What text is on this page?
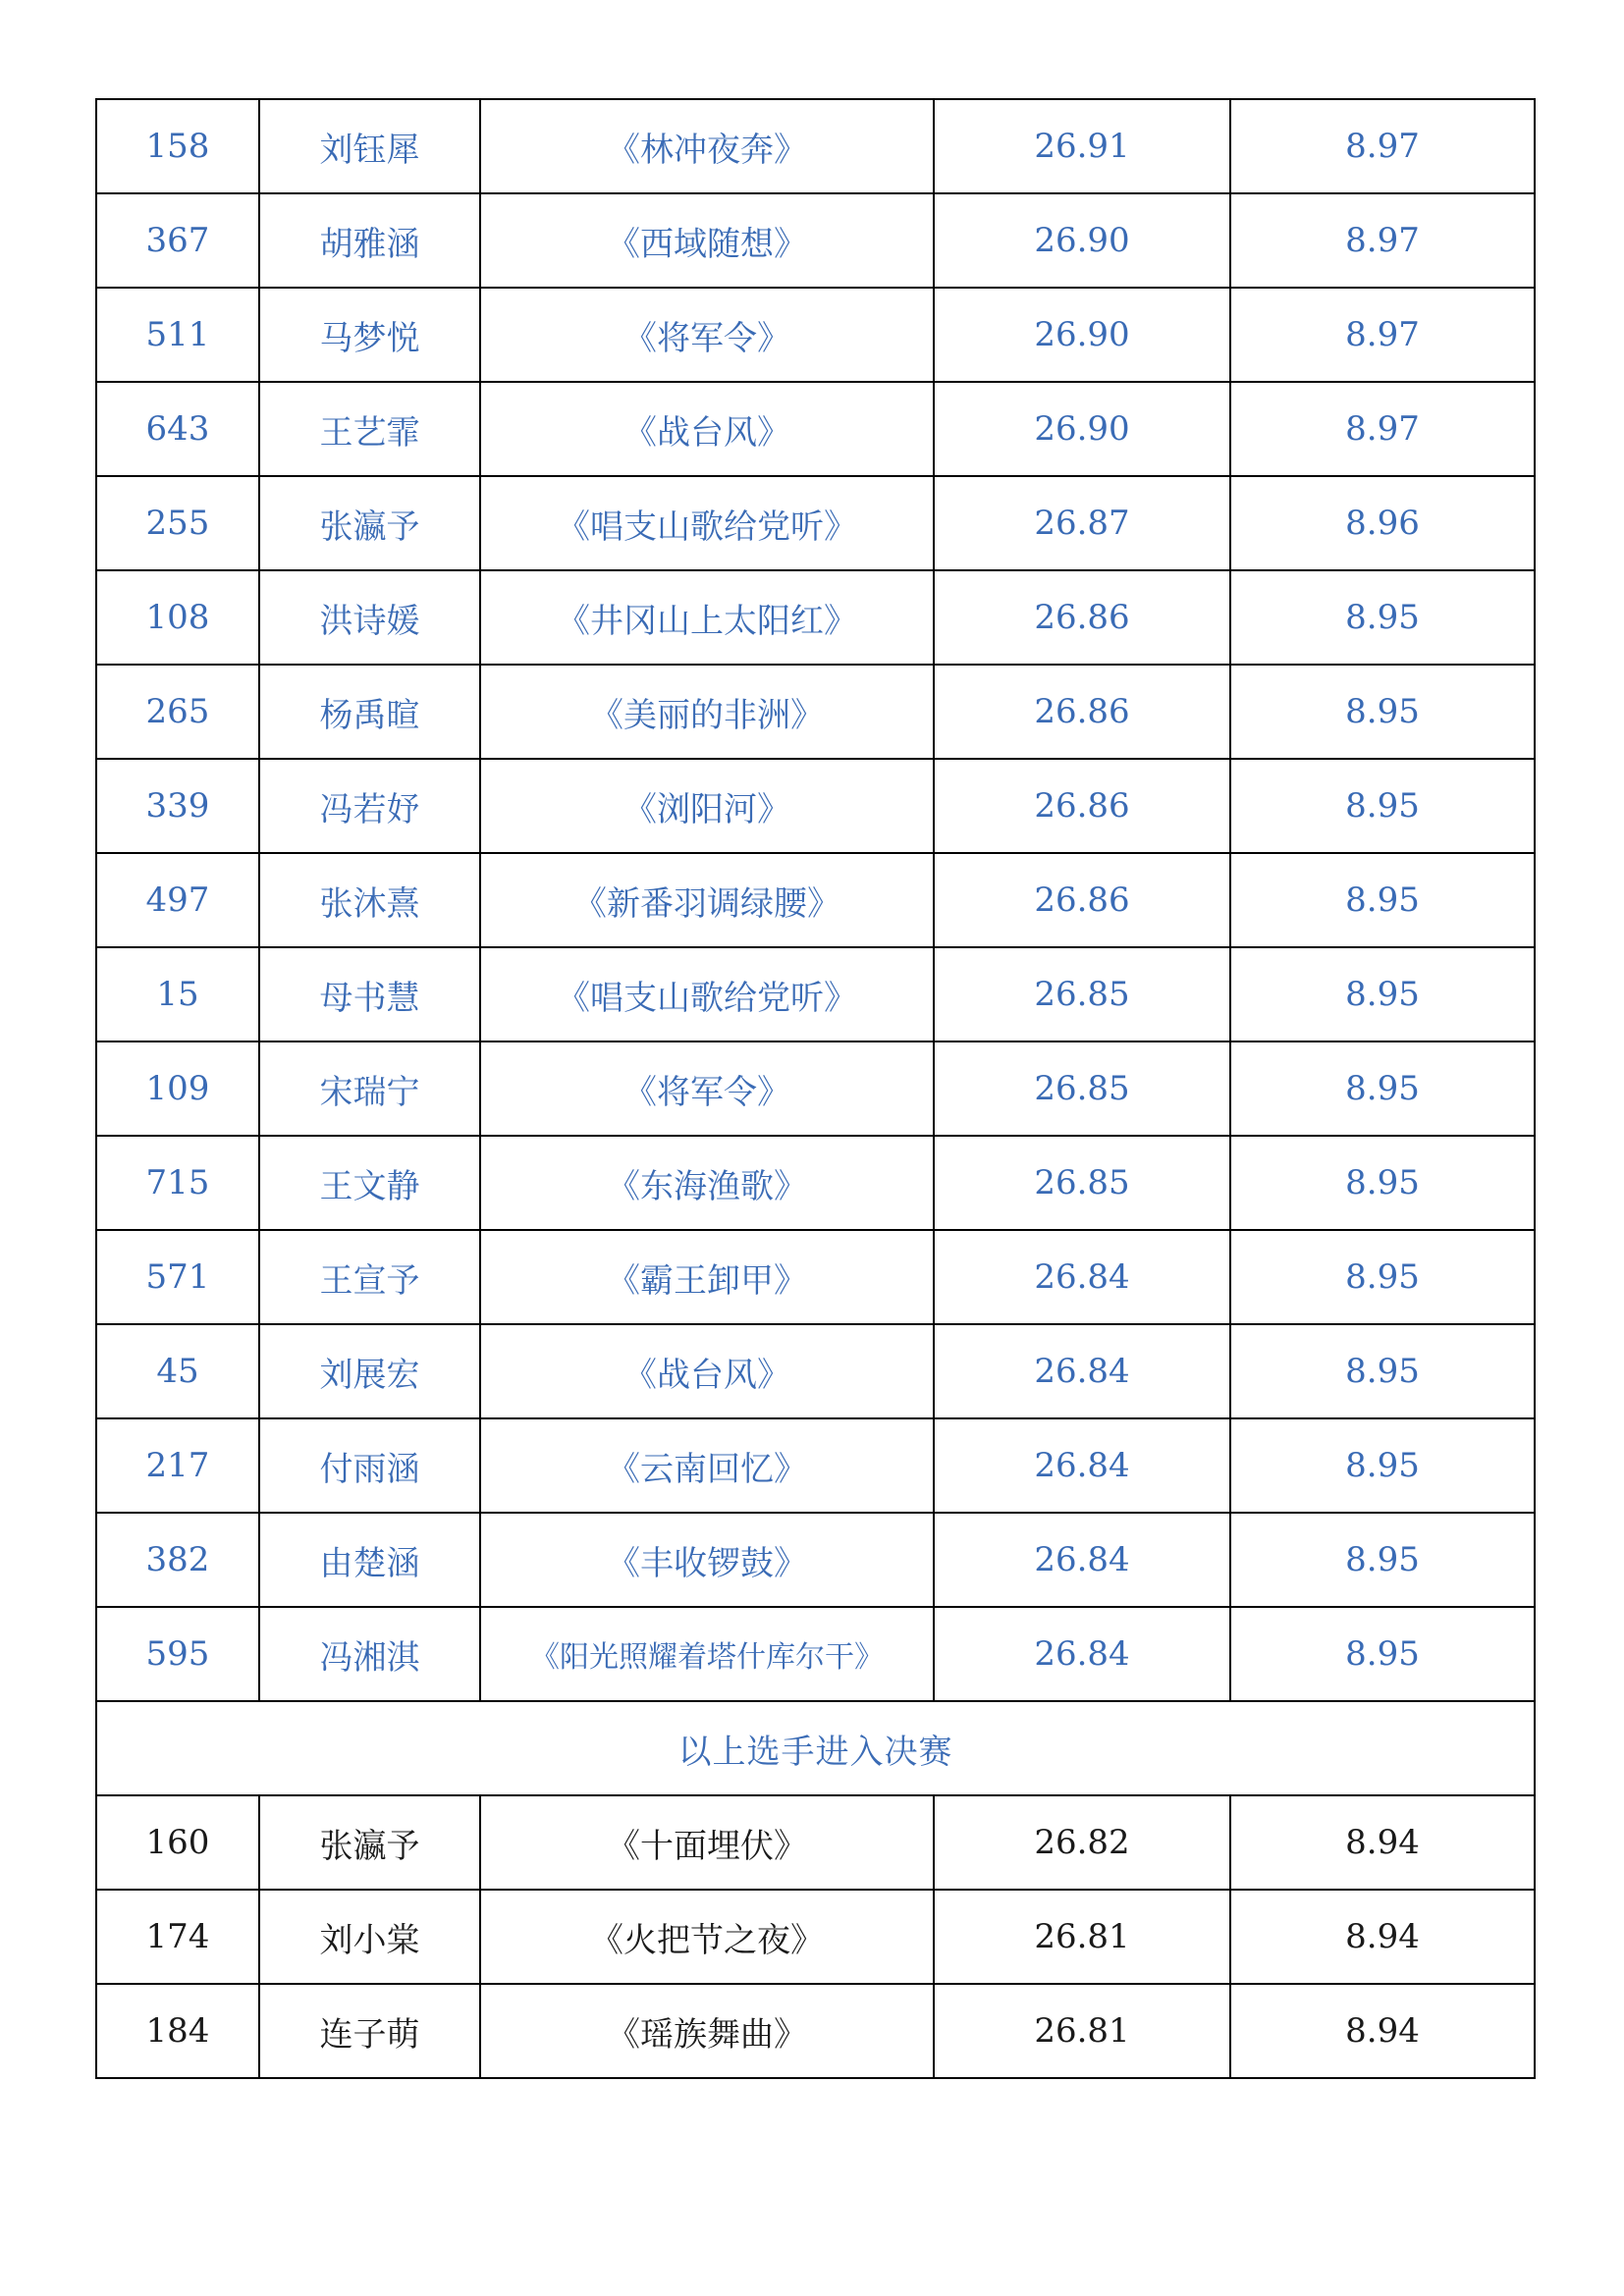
158	刘钰犀	《林冲夜奔》	26.91	8.97
367	胡雅涵	《西域随想》	26.90	8.97
511	马梦悦	《将军令》	26.90	8.97
643	王艺霏	《战台风》	26.90	8.97
255	张瀛予	《唱支山歌给党听》	26.87	8.96
108	洪诗媛	《井冈山上太阳红》	26.86	8.95
265	杨禹暄	《美丽的非洲》	26.86	8.95
339	冯若妤	《浏阳河》	26.86	8.95
497	张沐熹	《新番羽调绿腰》	26.86	8.95
15	母书慧	《唱支山歌给党听》	26.85	8.95
109	宋瑞宁	《将军令》	26.85	8.95
715	王文静	《东海渔歌》	26.85	8.95
571	王宣予	《霸王卸甲》	26.84	8.95
45	刘展宏	《战台风》	26.84	8.95
217	付雨涵	《云南回忆》	26.84	8.95
382	由楚涵	《丰收锣鼓》	26.84	8.95
595	冯湘淇	《阳光照耀着塔什库尔干》	26.84	8.95
以上选手进入决赛				
160	张瀛予	《十面埋伏》	26.82	8.94
174	刘小棠	《火把节之夜》	26.81	8.94
184	连子萌	《瑶族舞曲》	26.81	8.94
